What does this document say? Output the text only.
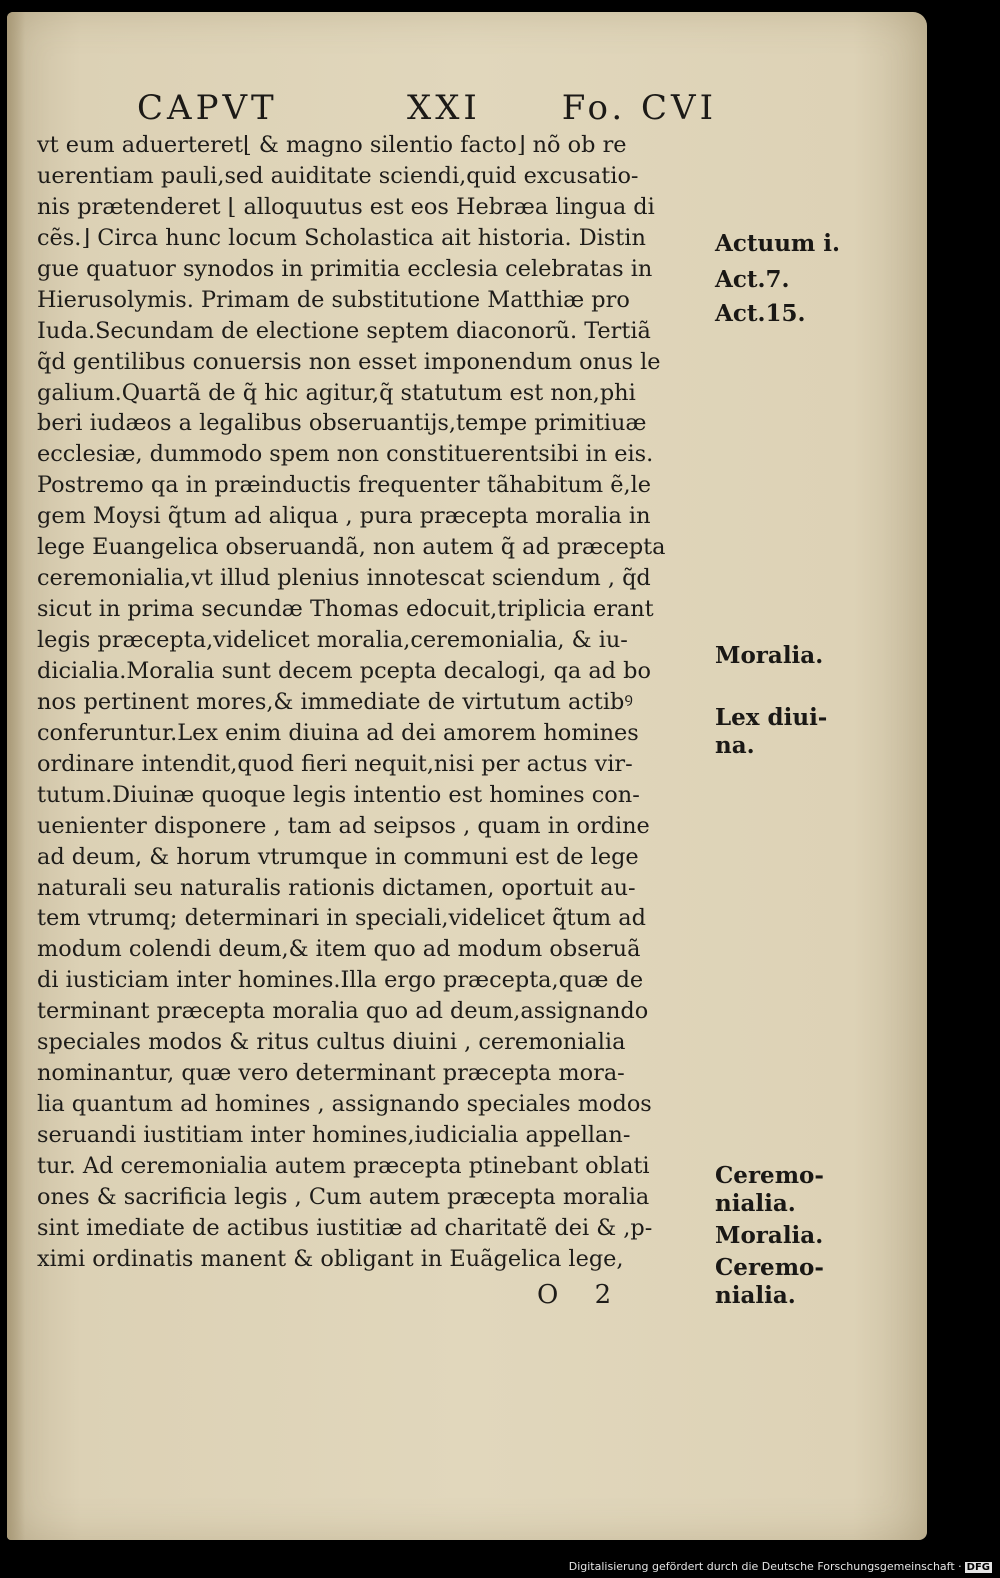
CAPVT	XXI Fo. CVI
vt eum aduerteret⌊ & magno silentio facto⌋ nõ ob re
uerentiam pauli,sed auiditate sciendi,quid excusatio-
nis prætenderet ⌊ alloquutus est eos Hebræa lingua di
cẽs.⌋ Circa hunc locum Scholastica ait historia. Distin
gue quatuor synodos in primitia ecclesia celebratas in
Hierusolymis. Primam de substitutione Matthiæ pro
Iuda.Secundam de electione septem diaconorũ. Tertiã
q̃d gentilibus conuersis non esset imponendum onus le
galium.Quartã de q̃ hic agitur,q̃ statutum est non,phi
beri iudæos a legalibus obseruantijs,tempe primitiuæ
ecclesiæ, dummodo spem non constituerentsibi in eis.
Postremo qa in præinductis frequenter tãhabitum ẽ,le
gem Moysi q̃tum ad aliqua , pura præcepta moralia in
lege Euangelica obseruandã, non autem q̃ ad præcepta
ceremonialia,vt illud plenius innotescat sciendum , q̃d
sicut in prima secundæ Thomas edocuit,triplicia erant
legis præcepta,videlicet moralia,ceremonialia, & iu-
dicialia.Moralia sunt decem pcepta decalogi, qa ad bo
nos pertinent mores,& immediate de virtutum actibꝰ
conferuntur.Lex enim diuina ad dei amorem homines
ordinare intendit,quod fieri nequit,nisi per actus vir-
tutum.Diuinæ quoque legis intentio est homines con-
uenienter disponere , tam ad seipsos , quam in ordine
ad deum, & horum vtrumque in communi est de lege
naturali seu naturalis rationis dictamen, oportuit au-
tem vtrumq; determinari in speciali,videlicet q̃tum ad
modum colendi deum,& item quo ad modum obseruã
di iusticiam inter homines.Illa ergo præcepta,quæ de
terminant præcepta moralia quo ad deum,assignando
speciales modos & ritus cultus diuini , ceremonialia
nominantur, quæ vero determinant præcepta mora-
lia quantum ad homines , assignando speciales modos
seruandi iustitiam inter homines,iudicialia appellan-
tur. Ad ceremonialia autem præcepta ptinebant oblati
ones & sacrificia legis , Cum autem præcepta moralia
sint imediate de actibus iustitiæ ad charitatẽ dei & ,p-
ximi ordinatis manent & obligant in Euãgelica lege,
O 2
Actuum i.
Act.7.
Act.15.
Moralia.
Lex diui-
na.
Ceremo-
nialia.
Moralia.
Ceremo-
nialia.
Digitalisierung gefördert durch die Deutsche Forschungsgemeinschaft · DFG
